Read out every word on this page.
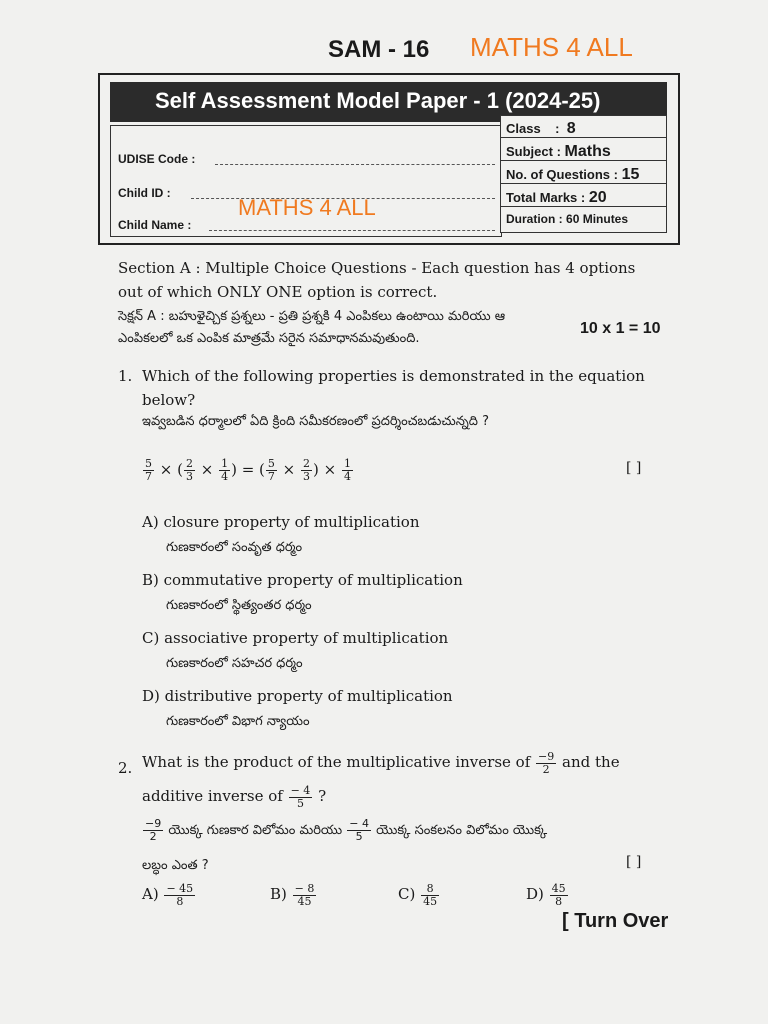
SAM - 16 MATHS 4 ALL
Self Assessment Model Paper - 1 (2024-25)
UDISE Code :
Child ID :
Child Name :
Class    :  8
Subject : Maths
No. of Questions : 15
Total Marks : 20
Duration : 60 Minutes
MATHS 4 ALL
Section A : Multiple Choice Questions - Each question has 4 options
out of which ONLY ONE option is correct.
సెక్షన్ A : బహుళైచ్చిక ప్రశ్నలు - ప్రతి ప్రశ్నకి 4 ఎంపికలు ఉంటాయి మరియు ఆ
ఎంపికలలో ఒక ఎంపిక మాత్రమే సరైన సమాధానమవుతుంది.
10 x 1 = 10
1. Which of the following properties is demonstrated in the equation
below?
ఇవ్వబడిన ధర్మాలలో ఏది క్రింది సమీకరణంలో ప్రదర్శించబడుచున్నది ?
$\frac{5}{7}$ × ( $\frac{2}{3} \times \frac{1}{4}$ ) = ( $\frac{5}{7} \times \frac{2}{3}$ ) × $\frac{1}{4}$	[ ]
A) closure property of multiplication
గుణకారంలో సంవృత ధర్మం
B) commutative property of multiplication
గుణకారంలో స్థిత్యంతర ధర్మం
C) associative property of multiplication
గుణకారంలో సహచర ధర్మం
D) distributive property of multiplication
గుణకారంలో విభాగ న్యాయం
2. What is the product of the multiplicative inverse of $\frac{-9}{2}$ and the
additive inverse of $\frac{- 4}{5}$ ?
$\frac{-9}{2}$ యొక్క గుణకార విలోమం మరియు $\frac{- 4}{5}$ యొక్క సంకలనం విలోమం యొక్క
లబ్ధం ఎంత ?	[ ]
$A) \frac{- 45}{8}$	$B) \frac{- 8}{45}$	$C) \frac{8}{45}$	$D) \frac{45}{8}$
[ Turn Over
